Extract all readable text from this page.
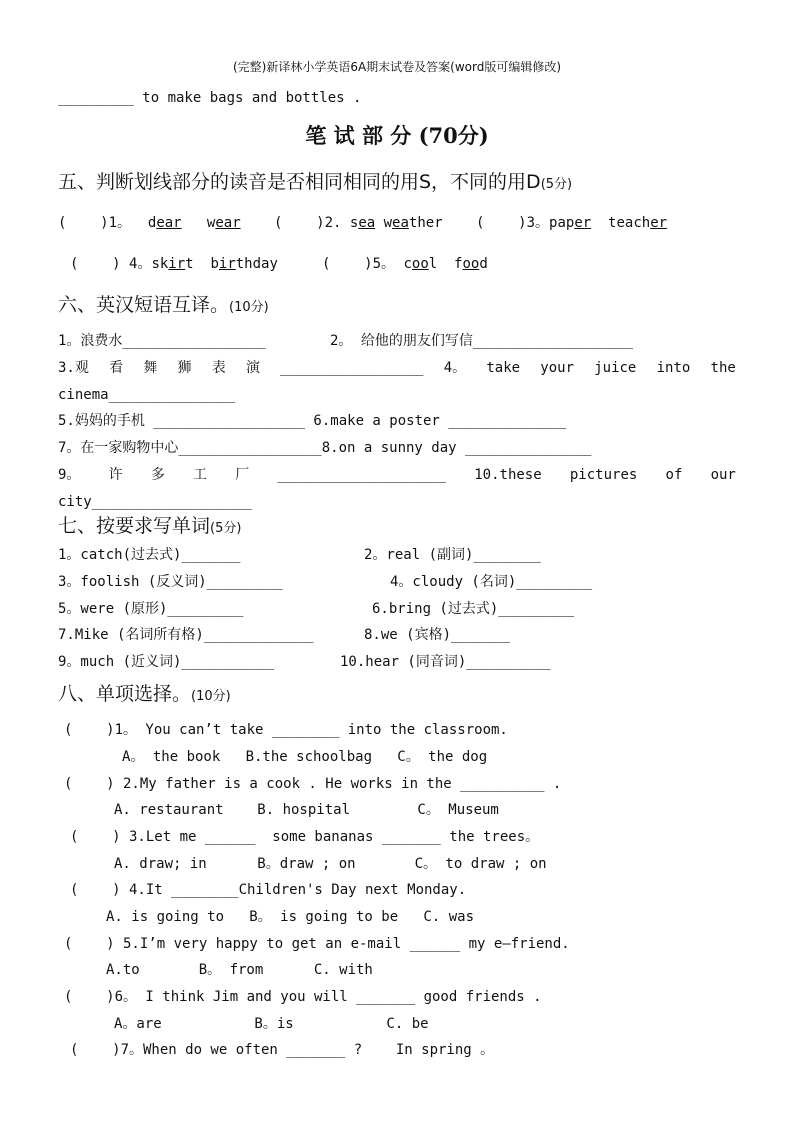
(完整)新译林小学英语6A期末试卷及答案(word版可编辑修改)
_________ to make bags and bottles .
笔 试 部 分 (70分)
五、判断划线部分的读音是否相同相同的用S，不同的用D(5分)
(    )1。 dear wear (    )2. sea weather (    )3。paper teacher
(    ) 4。skirt birthday	(    )5。 cool food
六、英汉短语互译。(10分)
1。浪费水_________________	2。 给他的朋友们写信___________________
3.观 看 舞 狮 表 演 _________________ 4。 take your juice into the
cinema_______________
5.妈妈的手机 __________________ 6.make a poster ______________
7。在一家购物中心_________________8.on a sunny day _______________
9。 许 多 工 厂 ____________________ 10.these pictures of our
city___________________
七、按要求写单词(5分)
1。catch(过去式)_______	2。real (副词)________
3。foolish (反义词)_________	4。cloudy (名词)_________
5。were (原形)_________	6.bring (过去式)_________
7.Mike (名词所有格)_____________	8.we (宾格)_______
9。much (近义词)___________	10.hear (同音词)__________
八、单项选择。(10分)
(    )1。 You can’t take ________ into the classroom.
A。 the book   B.the schoolbag   C。 the dog
(    ) 2.My father is a cook . He works in the __________ .
A. restaurant    B. hospital        C。 Museum
(    ) 3.Let me ______  some bananas _______ the trees。
A. draw; in      B。draw ; on       C。 to draw ; on
(    ) 4.It ________Children's Day next Monday.
A. is going to   B。 is going to be   C. was
(    ) 5.I’m very happy to get an e-mail ______ my e—friend.
A.to       B。 from      C. with
(    )6。 I think Jim and you will _______ good friends .
A。are           B。is           C. be
(    )7。When do we often _______ ?    In spring 。
